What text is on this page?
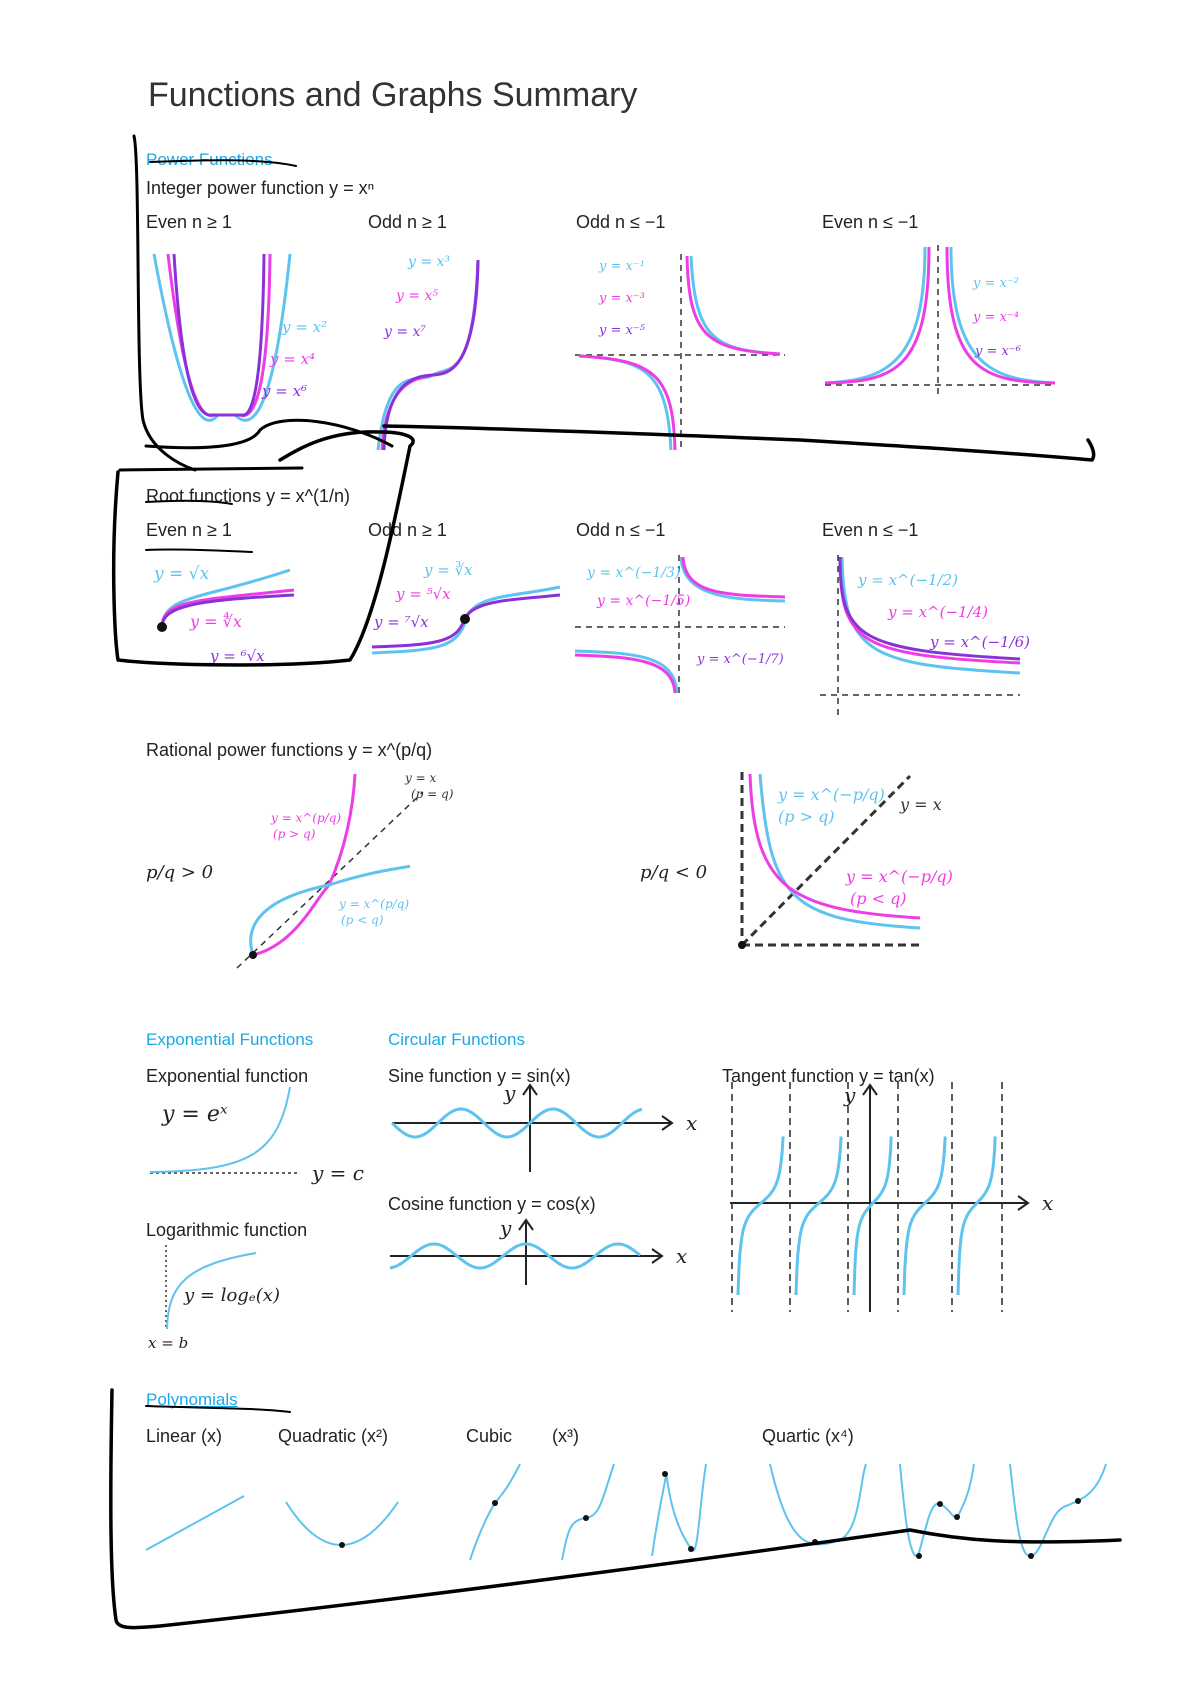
Functions and Graphs Summary
Power Functions
Integer power function y = xⁿ
Even n ≥ 1	Odd n ≥ 1	Odd n ≤ −1	Even n ≤ −1
y = x²
y = x⁴
y = x⁶
y = x³
y = x⁵
y = x⁷
y = x⁻¹
y = x⁻³
y = x⁻⁵
y = x⁻²
y = x⁻⁴
y = x⁻⁶
Root functions y = x^(1/n)
Even n ≥ 1	Odd n ≥ 1	Odd n ≤ −1	Even n ≤ −1
y = √x
y = ∜x
y = ⁶√x
y = ∛x
y = ⁵√x
y = ⁷√x
y = x^(−1/3)
y = x^(−1/5)
y = x^(−1/7)
y = x^(−1/2)
y = x^(−1/4)
y = x^(−1/6)
Rational power functions y = x^(p/q)
p/q > 0	p/q < 0
y = x^(p/q)
(p > q)
y = x^(p/q)
(p < q)
y = x
(p = q)	y = x^(−p/q)
(p > q)
y = x^(−p/q)
(p < q)
y = x
Exponential Functions	Circular Functions
Exponential function	Sine function y = sin(x)	Tangent function y = tan(x)
y = eˣ
y = c
Logarithmic function
y = logₑ(x)
x = b
x
y
Cosine function y = cos(x)
x
y
x
y
Polynomials
Linear (x)	Quadratic (x²)	Cubic (x³)	Quartic (x⁴)
